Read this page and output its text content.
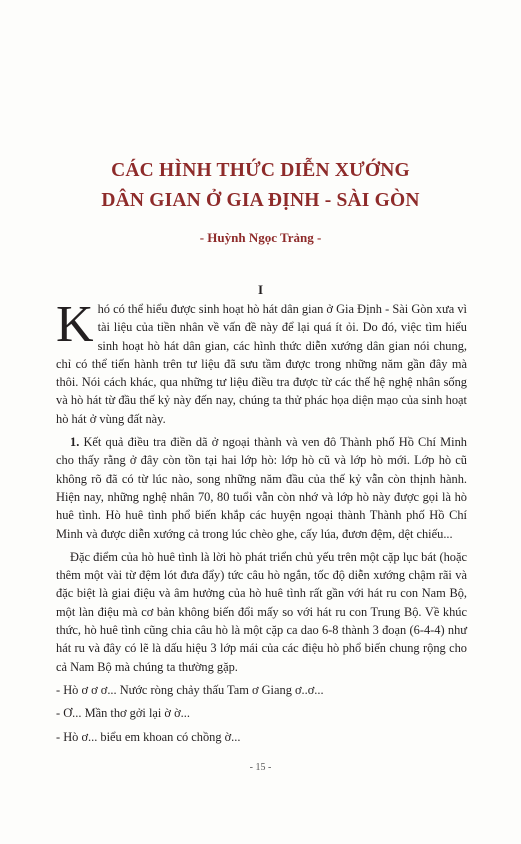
CÁC HÌNH THỨC DIỄN XƯỚNG
DÂN GIAN Ở GIA ĐỊNH - SÀI GÒN
- Huỳnh Ngọc Trảng -
I

Khó có thể hiểu được sinh hoạt hò hát dân gian ở Gia Định - Sài Gòn xưa vì tài liệu của tiền nhân về vấn đề này để lại quá ít ỏi. Do đó, việc tìm hiểu sinh hoạt hò hát dân gian, các hình thức diễn xướng dân gian nói chung, chỉ có thể tiến hành trên tư liệu đã sưu tầm được trong những năm gần đây mà thôi. Nói cách khác, qua những tư liệu điều tra được từ các thế hệ nghệ nhân sống và hò hát từ đầu thế kỷ này đến nay, chúng ta thử phác họa diện mạo của sinh hoạt hò hát ở vùng đất này.

1. Kết quả điều tra điền dã ở ngoại thành và ven đô Thành phố Hồ Chí Minh cho thấy rằng ở đây còn tồn tại hai lớp hò: lớp hò cũ và lớp hò mới. Lớp hò cũ không rõ đã có từ lúc nào, song những năm đầu của thế kỷ vẫn còn thịnh hành. Hiện nay, những nghệ nhân 70, 80 tuổi vẫn còn nhớ và lớp hò này được gọi là hò huê tình. Hò huê tình phổ biến khắp các huyện ngoại thành Thành phố Hồ Chí Minh và được diễn xướng cả trong lúc chèo ghe, cấy lúa, đươn đệm, dệt chiếu...

Đặc điểm của hò huê tình là lời hò phát triển chủ yếu trên một cặp lục bát (hoặc thêm một vài từ đệm lót đưa đẩy) tức câu hò ngắn, tốc độ diễn xướng chậm rãi và đặc biệt là giai điệu và âm hưởng của hò huê tình rất gần với hát ru con Nam Bộ, một làn điệu mà cơ bản không biến đổi mấy so với hát ru con Trung Bộ. Về khúc thức, hò huê tình cũng chia câu hò là một cặp ca dao 6-8 thành 3 đoạn (6-4-4) như hát ru và đây có lẽ là dấu hiệu 3 lớp mái của các điệu hò phổ biến chung rộng cho cả Nam Bộ mà chúng ta thường gặp.

- Hò ơ ơ ơ... Nước ròng chảy thấu Tam ơ Giang ơ..ơ...

- Ơ... Mần thơ gởi lại ờ ờ...

- Hò ơ... biểu em khoan có chồng ờ...

- 15 -
